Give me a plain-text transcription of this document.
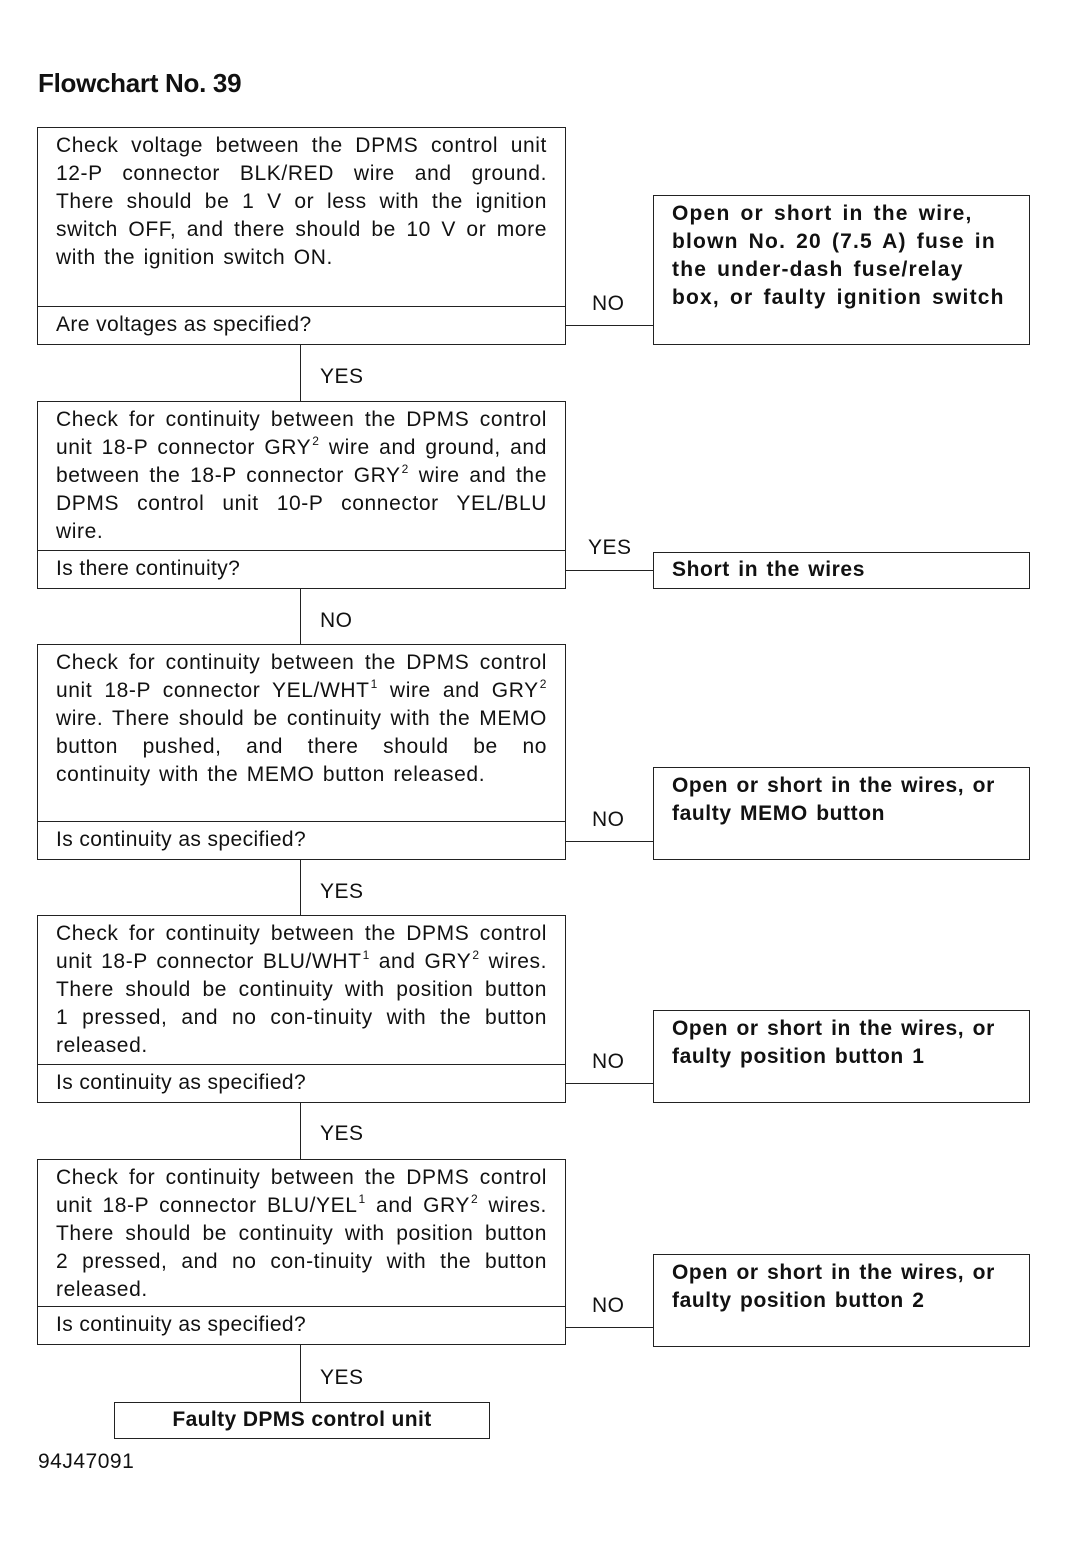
Flowchart No. 39
Check voltage between the DPMS control unit 12-P connector BLK/RED wire and ground. There should be 1 V or less with the ignition switch OFF, and there should be 10 V or more with the ignition switch ON.
Are voltages as specified?
NO
Open or short in the wire, blown No. 20 (7.5 A) fuse in the under-dash fuse/relay box, or faulty ignition switch
YES
Check for continuity between the DPMS control unit 18-P connector GRY$^2$ wire and ground, and between the 18-P connector GRY$^2$ wire and the DPMS control unit 10-P connector YEL/BLU wire.
Is there continuity?
YES
Short in the wires
NO
Check for continuity between the DPMS control unit 18-P connector YEL/WHT$^1$ wire and GRY$^2$ wire. There should be continuity with the MEMO button pushed, and there should be no continuity with the MEMO button released.
Is continuity as specified?
NO
Open or short in the wires, or faulty MEMO button
YES
Check for continuity between the DPMS control unit 18-P connector BLU/WHT$^1$ and GRY$^2$ wires. There should be continuity with position button 1 pressed, and no con-tinuity with the button released.
Is continuity as specified?
NO
Open or short in the wires, or faulty position button 1
YES
Check for continuity between the DPMS control unit 18-P connector BLU/YEL$^1$ and GRY$^2$ wires. There should be continuity with position button 2 pressed, and no con-tinuity with the button released.
Is continuity as specified?
NO
Open or short in the wires, or faulty position button 2
YES
Faulty DPMS control unit
94J47091
